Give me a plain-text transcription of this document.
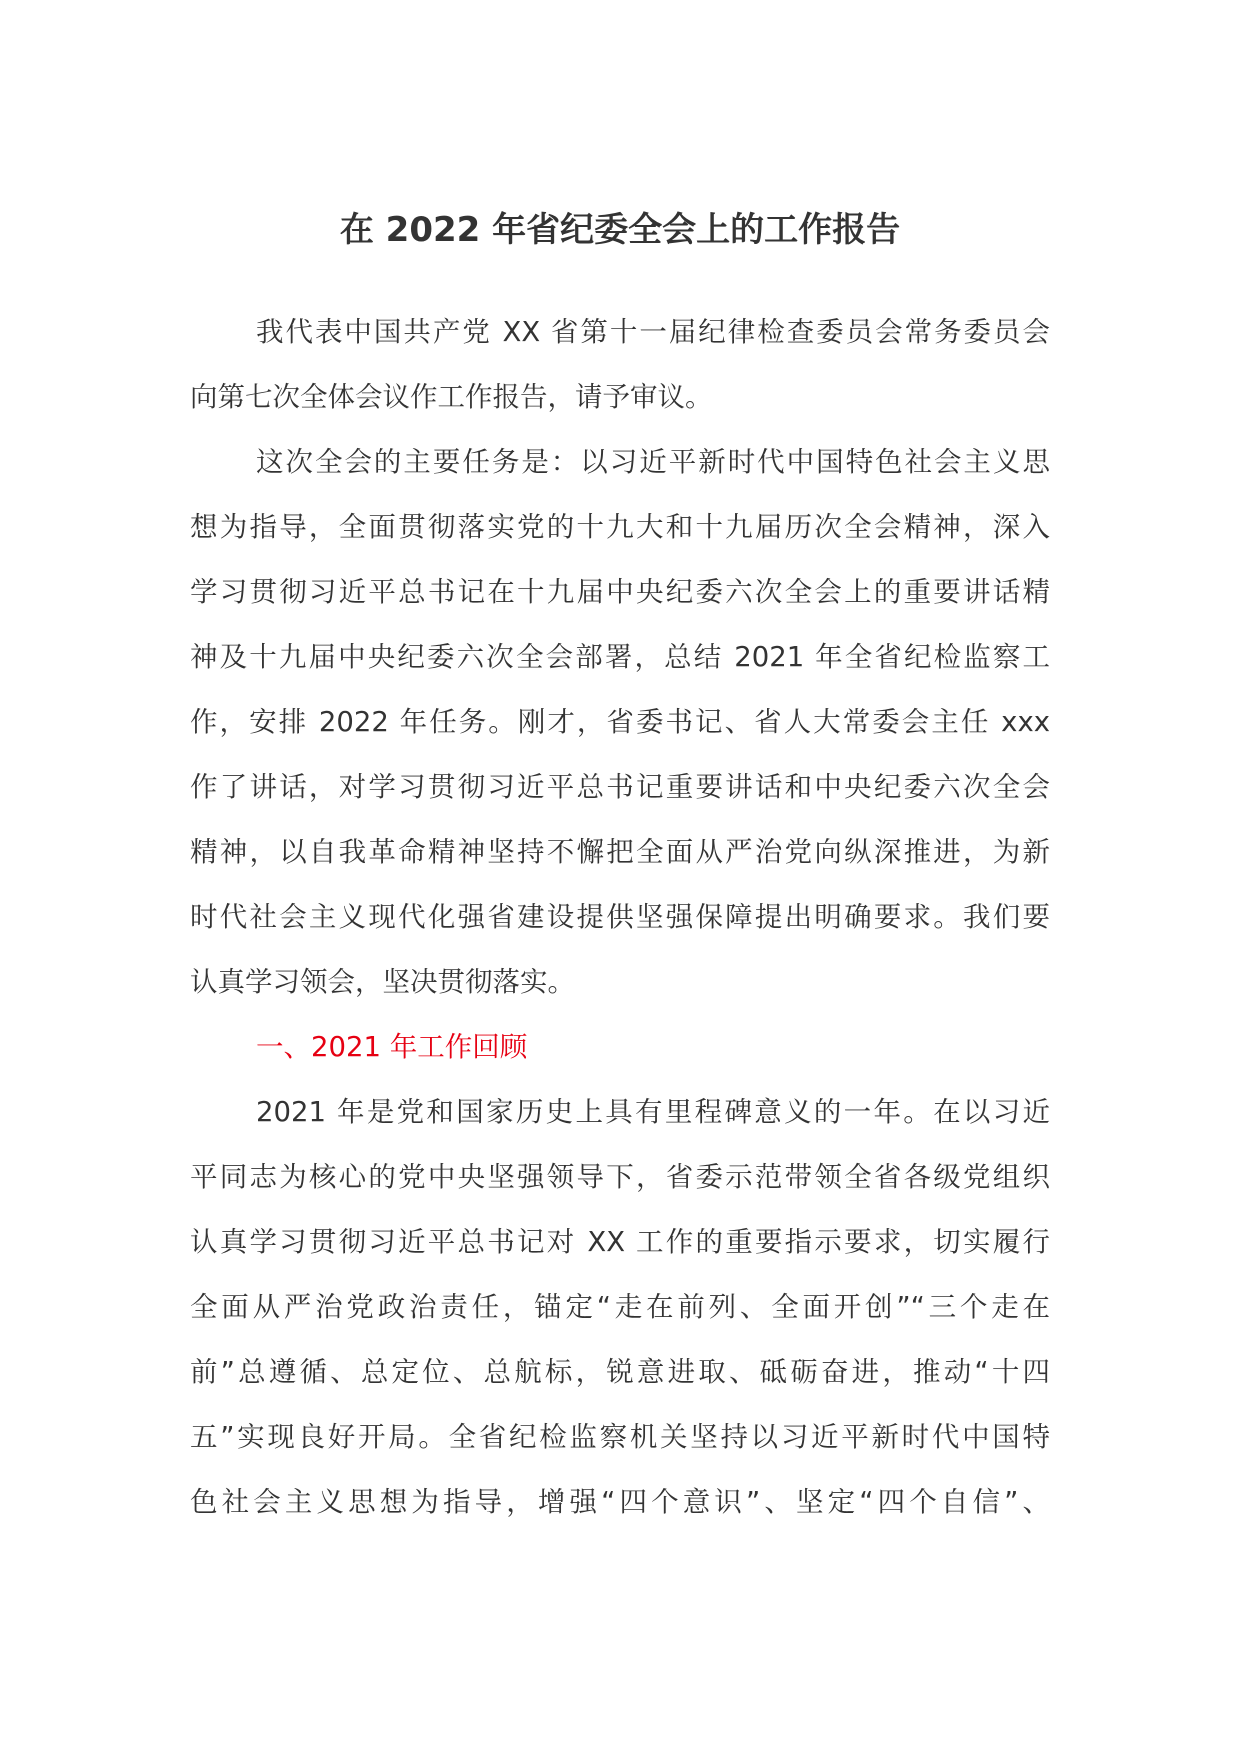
在 2022 年省纪委全会上的工作报告
我代表中国共产党 XX 省第十一届纪律检查委员会常务委员会
向第七次全体会议作工作报告，请予审议。
这次全会的主要任务是：以习近平新时代中国特色社会主义思
想为指导，全面贯彻落实党的十九大和十九届历次全会精神，深入
学习贯彻习近平总书记在十九届中央纪委六次全会上的重要讲话精
神及十九届中央纪委六次全会部署，总结 2021 年全省纪检监察工
作，安排 2022 年任务。刚才，省委书记、省人大常委会主任 xxx
作了讲话，对学习贯彻习近平总书记重要讲话和中央纪委六次全会
精神，以自我革命精神坚持不懈把全面从严治党向纵深推进，为新
时代社会主义现代化强省建设提供坚强保障提出明确要求。我们要
认真学习领会，坚决贯彻落实。
一、2021 年工作回顾
2021 年是党和国家历史上具有里程碑意义的一年。在以习近
平同志为核心的党中央坚强领导下，省委示范带领全省各级党组织
认真学习贯彻习近平总书记对 XX 工作的重要指示要求，切实履行
全面从严治党政治责任，锚定“走在前列、全面开创”“三个走在
前”总遵循、总定位、总航标，锐意进取、砥砺奋进，推动“十四
五”实现良好开局。全省纪检监察机关坚持以习近平新时代中国特
色社会主义思想为指导，增强“四个意识”、坚定“四个自信”、
